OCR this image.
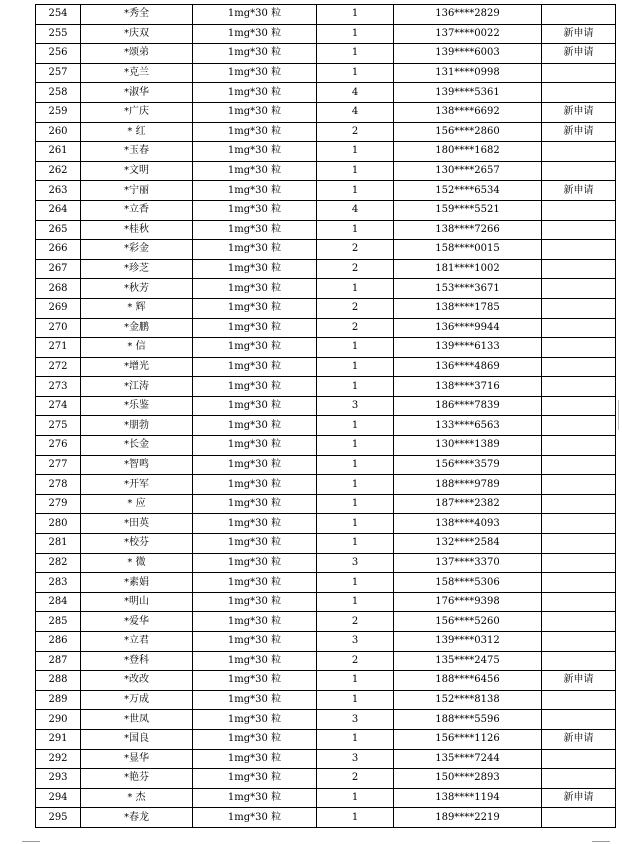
254	*秀全	1mg*30 粒	1	136****2829	
255	*庆双	1mg*30 粒	1	137****0022	新申请
256	*颂弟	1mg*30 粒	1	139****6003	新申请
257	*克兰	1mg*30 粒	1	131****0998	
258	*淑华	1mg*30 粒	4	139****5361	
259	*广庆	1mg*30 粒	4	138****6692	新申请
260	* 红	1mg*30 粒	2	156****2860	新申请
261	*玉春	1mg*30 粒	1	180****1682	
262	*文明	1mg*30 粒	1	130****2657	
263	*宁丽	1mg*30 粒	1	152****6534	新申请
264	*立香	1mg*30 粒	4	159****5521	
265	*桂秋	1mg*30 粒	1	138****7266	
266	*彩金	1mg*30 粒	2	158****0015	
267	*珍芝	1mg*30 粒	2	181****1002	
268	*秋芳	1mg*30 粒	1	153****3671	
269	* 辉	1mg*30 粒	2	138****1785	
270	*金鹏	1mg*30 粒	2	136****9944	
271	* 信	1mg*30 粒	1	139****6133	
272	*增光	1mg*30 粒	1	136****4869	
273	*江涛	1mg*30 粒	1	138****3716	
274	*乐鉴	1mg*30 粒	3	186****7839	
275	*朋勃	1mg*30 粒	1	133****6563	
276	*长金	1mg*30 粒	1	130****1389	
277	*智鸣	1mg*30 粒	1	156****3579	
278	*开军	1mg*30 粒	1	188****9789	
279	* 应	1mg*30 粒	1	187****2382	
280	*田英	1mg*30 粒	1	138****4093	
281	*校芬	1mg*30 粒	1	132****2584	
282	* 微	1mg*30 粒	3	137****3370	
283	*素娟	1mg*30 粒	1	158****5306	
284	*明山	1mg*30 粒	1	176****9398	
285	*爱华	1mg*30 粒	2	156****5260	
286	*立君	1mg*30 粒	3	139****0312	
287	*登科	1mg*30 粒	2	135****2475	
288	*改改	1mg*30 粒	1	188****6456	新申请
289	*万成	1mg*30 粒	1	152****8138	
290	*世凤	1mg*30 粒	3	188****5596	
291	*国良	1mg*30 粒	1	156****1126	新申请
292	*显华	1mg*30 粒	3	135****7244	
293	*艳芬	1mg*30 粒	2	150****2893	
294	* 杰	1mg*30 粒	1	138****1194	新申请
295	*春龙	1mg*30 粒	1	189****2219	
